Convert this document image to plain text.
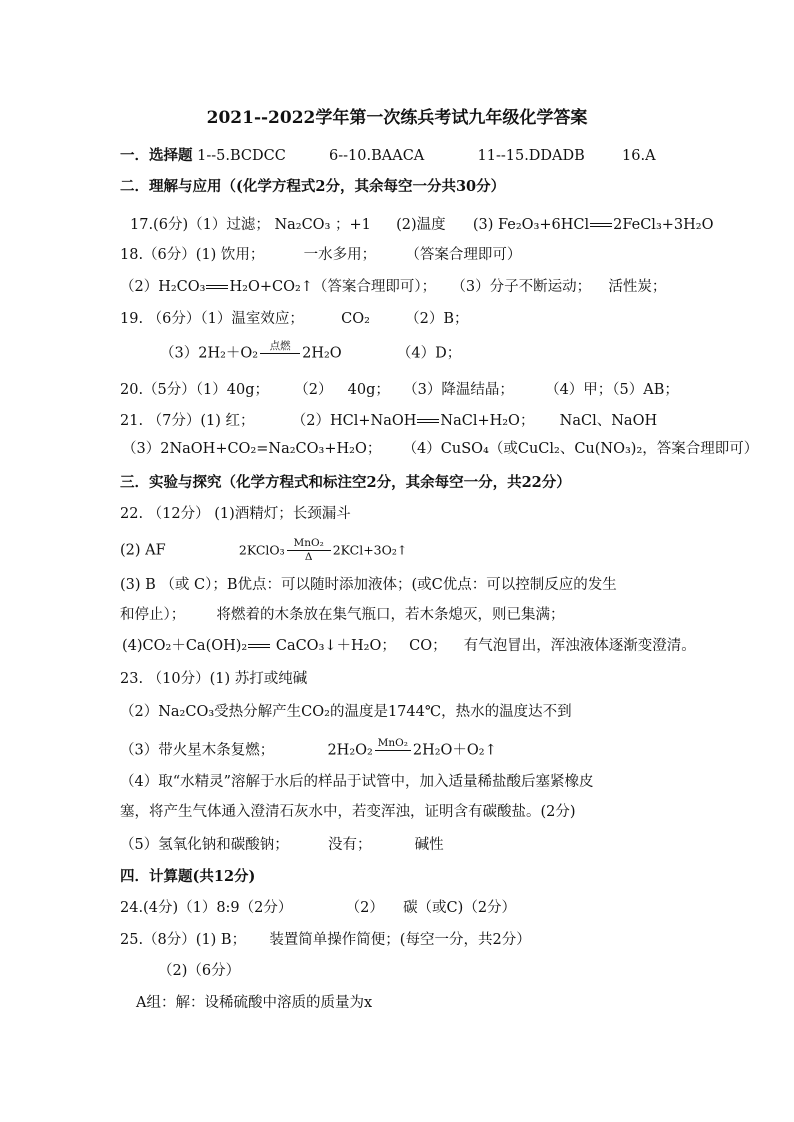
2021--2022学年第一次练兵考试九年级化学答案
一．选择题 1--5.BCDCC	6--10.BAACA	11--15.DDADB	16.A
二．理解与应用（(化学方程式2分，其余每空一分共30分）
17.(6分)（1）过滤； Na₂CO₃ ；+1 (2)温度 (3) Fe₂O₃+6HCl 2FeCl₃+3H₂O
18.（6分）(1) 饮用；	一水多用； （答案合理即可）
（2）H₂CO₃ H₂O+CO₂↑（答案合理即可）； （3）分子不断运动； 活性炭；
19. （6分）（1）温室效应；	CO₂ （2）B；
（3）2H₂＋O₂	点燃 2H₂O	（4）D；
20.（5分）（1）40g； （2） 40g； （3）降温结晶； （4）甲；（5）AB；
21. （7分）(1) 红；	（2）HCl+NaOH NaCl+H₂O； NaCl、NaOH
（3）2NaOH+CO₂=Na₂CO₃+H₂O； （4）CuSO₄（或CuCl₂、Cu(NO₃)₂，答案合理即可）
三．实验与探究（化学方程式和标注空2分，其余每空一分，共22分）
22. （12分） (1)酒精灯；长颈漏斗
(2) AF	2KClO₃ $\frac{\text{MnO₂}}{\Delta}$ 2KCl+3O₂↑
(3) B （或 C）；B优点：可以随时添加液体；(或C优点：可以控制反应的发生
和停止）； 将燃着的木条放在集气瓶口，若木条熄灭，则已集满；
(4)CO₂＋Ca(OH)₂ CaCO₃↓＋H₂O； CO； 有气泡冒出，浑浊液体逐渐变澄清。
23. （10分）(1) 苏打或纯碱
（2）Na₂CO₃受热分解产生CO₂的温度是1744℃，热水的温度达不到
（3）带火星木条复燃；	2H₂O₂ MnO₂ 2H₂O＋O₂↑
（4）取“水精灵”溶解于水后的样品于试管中，加入适量稀盐酸后塞紧橡皮
塞，将产生气体通入澄清石灰水中，若变浑浊，证明含有碳酸盐。(2分)
（5）氢氧化钠和碳酸钠；	没有；	碱性
四．计算题(共12分)
24.(4分)（1）8:9（2分）	（2） 碳（或C)（2分）
25.（8分）(1) B； 装置简单操作简便；(每空一分，共2分）
（2)（6分）
A组：解：设稀硫酸中溶质的质量为x
